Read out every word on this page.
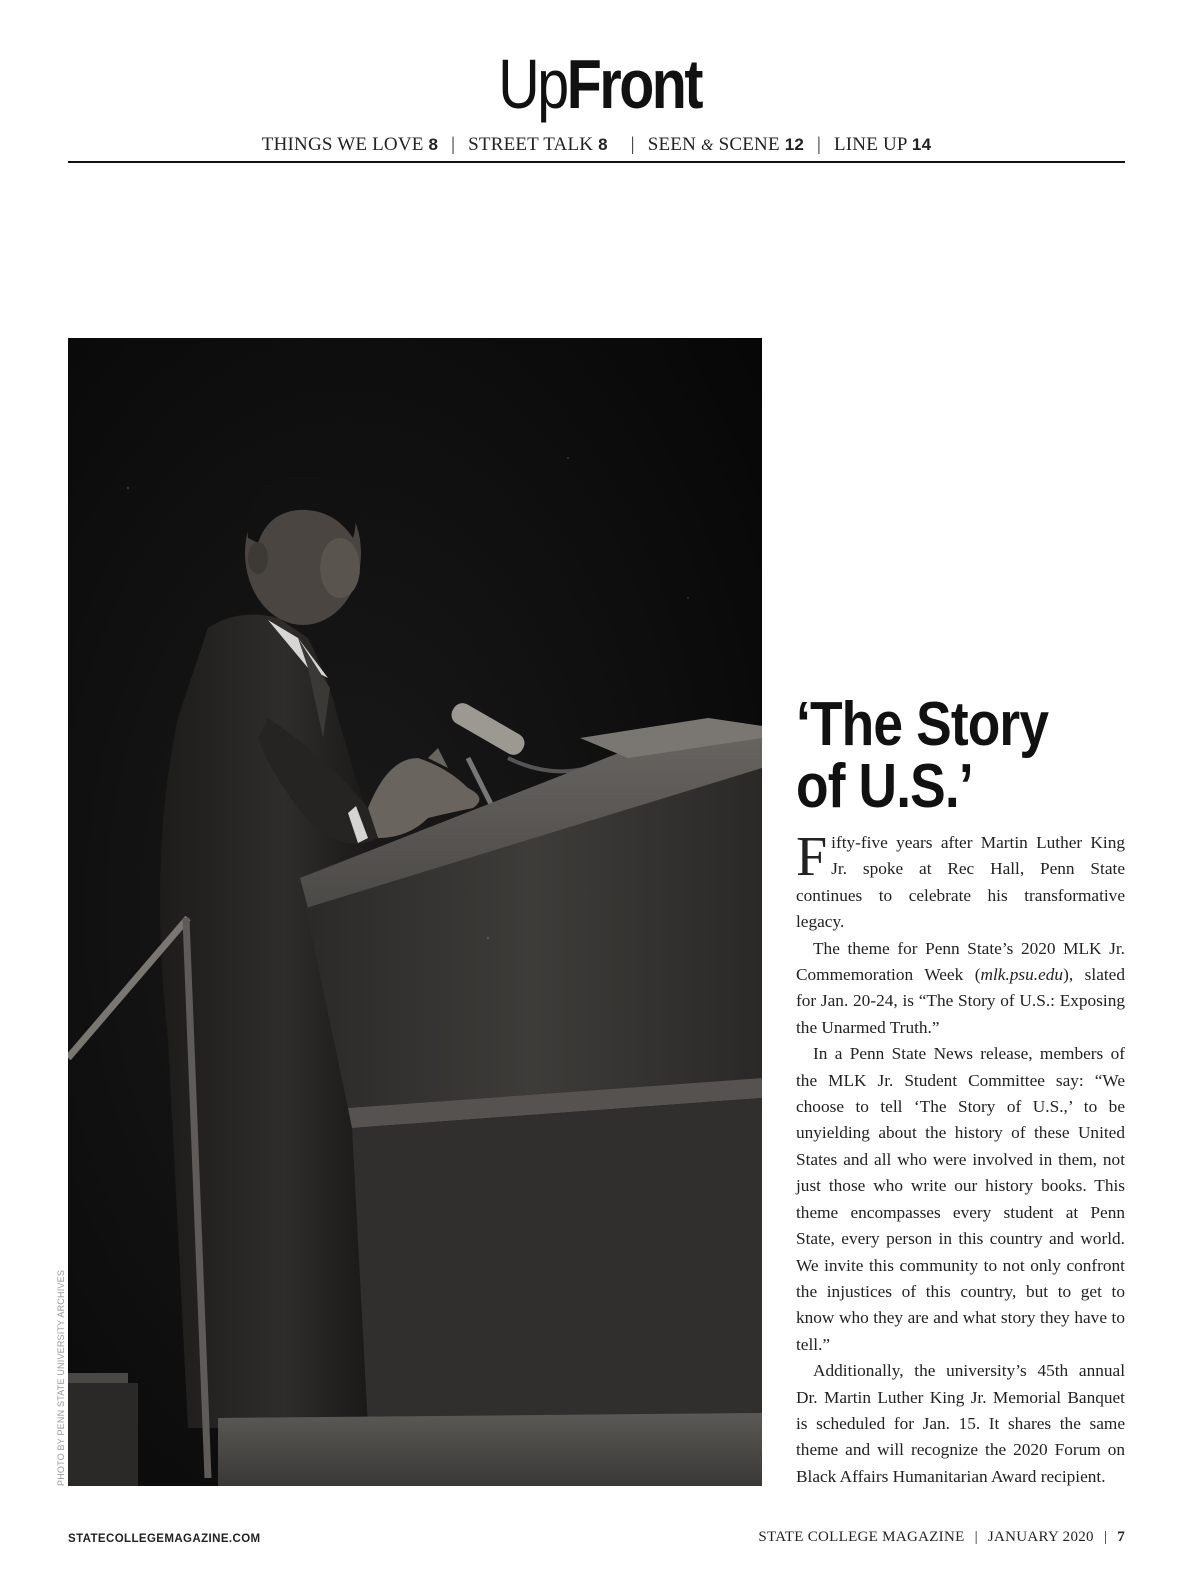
UpFront
THINGS WE LOVE 8 | STREET TALK 8 | SEEN & SCENE 12 | LINE UP 14
PHOTO BY PENN STATE UNIVERSITY ARCHIVES
‘The Story
of U.S.’

Fifty-five years after Martin Luther King Jr. spoke at Rec Hall, Penn State continues to celebrate his transformative legacy.

The theme for Penn State’s 2020 MLK Jr. Commemoration Week (mlk.psu.edu), slated for Jan. 20-24, is “The Story of U.S.: Exposing the Unarmed Truth.”

In a Penn State News release, members of the MLK Jr. Student Committee say: “We choose to tell ‘The Story of U.S.,’ to be unyielding about the history of these United States and all who were involved in them, not just those who write our history books. This theme encompasses every student at Penn State, every person in this country and world. We invite this community to not only confront the injustices of this country, but to get to know who they are and what story they have to tell.”

Additionally, the university’s 45th annual Dr. Martin Luther King Jr. Memorial Banquet is scheduled for Jan. 15. It shares the same theme and will recognize the 2020 Forum on Black Affairs Humanitarian Award recipient.

STATECOLLEGEMAGAZINE.COM	STATE COLLEGE MAGAZINE | JANUARY 2020 | 7
